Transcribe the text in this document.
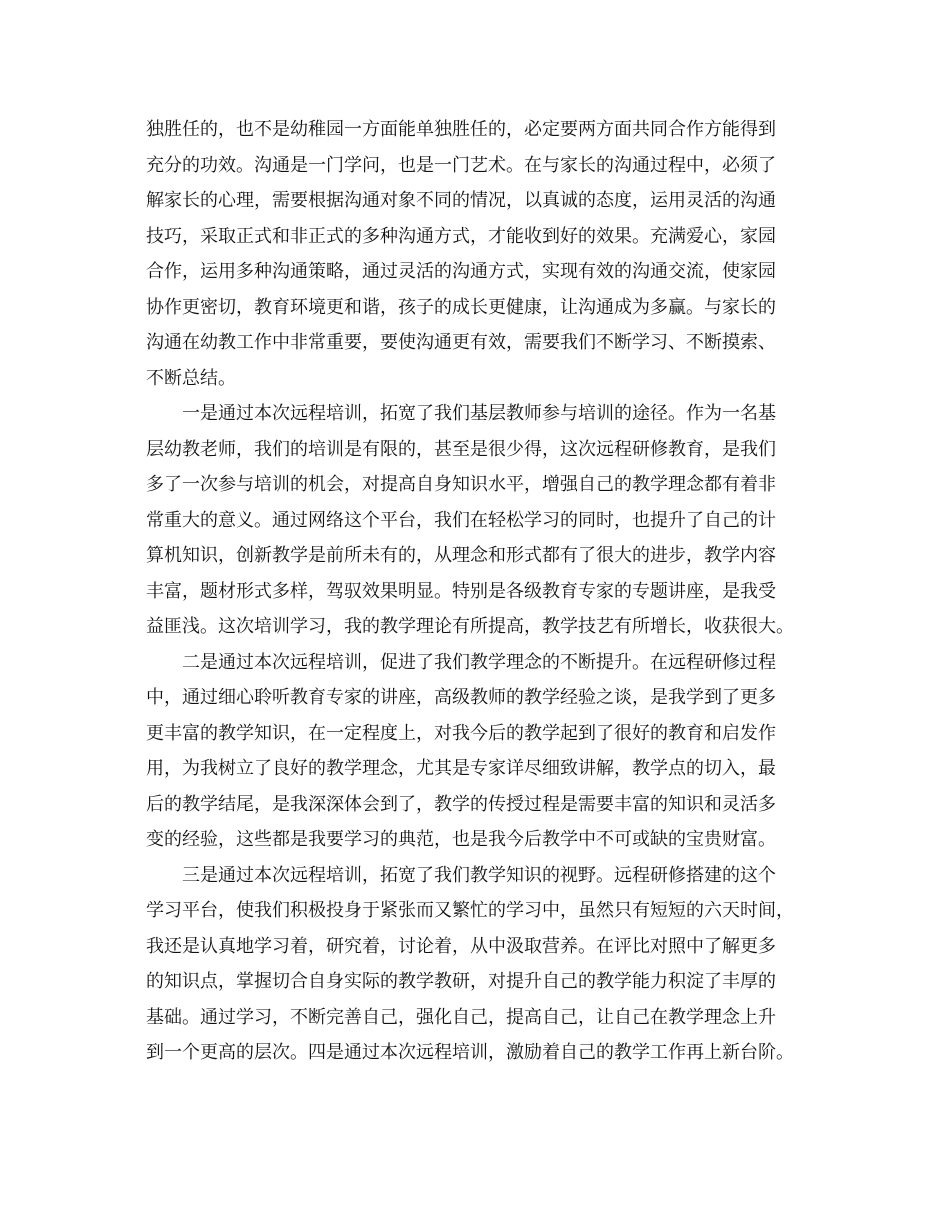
独胜任的，也不是幼稚园一方面能单独胜任的，必定要两方面共同合作方能得到
充分的功效。沟通是一门学问，也是一门艺术。在与家长的沟通过程中，必须了
解家长的心理，需要根据沟通对象不同的情况，以真诚的态度，运用灵活的沟通
技巧，采取正式和非正式的多种沟通方式，才能收到好的效果。充满爱心，家园
合作，运用多种沟通策略，通过灵活的沟通方式，实现有效的沟通交流，使家园
协作更密切，教育环境更和谐，孩子的成长更健康，让沟通成为多赢。与家长的
沟通在幼教工作中非常重要，要使沟通更有效，需要我们不断学习、不断摸索、
不断总结。
　　一是通过本次远程培训，拓宽了我们基层教师参与培训的途径。作为一名基
层幼教老师，我们的培训是有限的，甚至是很少得，这次远程研修教育，是我们
多了一次参与培训的机会，对提高自身知识水平，增强自己的教学理念都有着非
常重大的意义。通过网络这个平台，我们在轻松学习的同时，也提升了自己的计
算机知识，创新教学是前所未有的，从理念和形式都有了很大的进步，教学内容
丰富，题材形式多样，驾驭效果明显。特别是各级教育专家的专题讲座，是我受
益匪浅。这次培训学习，我的教学理论有所提高，教学技艺有所增长，收获很大。
　　二是通过本次远程培训，促进了我们教学理念的不断提升。在远程研修过程
中，通过细心聆听教育专家的讲座，高级教师的教学经验之谈，是我学到了更多
更丰富的教学知识，在一定程度上，对我今后的教学起到了很好的教育和启发作
用，为我树立了良好的教学理念，尤其是专家详尽细致讲解，教学点的切入，最
后的教学结尾，是我深深体会到了，教学的传授过程是需要丰富的知识和灵活多
变的经验，这些都是我要学习的典范，也是我今后教学中不可或缺的宝贵财富。
　　三是通过本次远程培训，拓宽了我们教学知识的视野。远程研修搭建的这个
学习平台，使我们积极投身于紧张而又繁忙的学习中，虽然只有短短的六天时间，
我还是认真地学习着，研究着，讨论着，从中汲取营养。在评比对照中了解更多
的知识点，掌握切合自身实际的教学教研，对提升自己的教学能力积淀了丰厚的
基础。通过学习，不断完善自己，强化自己，提高自己，让自己在教学理念上升
到一个更高的层次。四是通过本次远程培训，激励着自己的教学工作再上新台阶。
